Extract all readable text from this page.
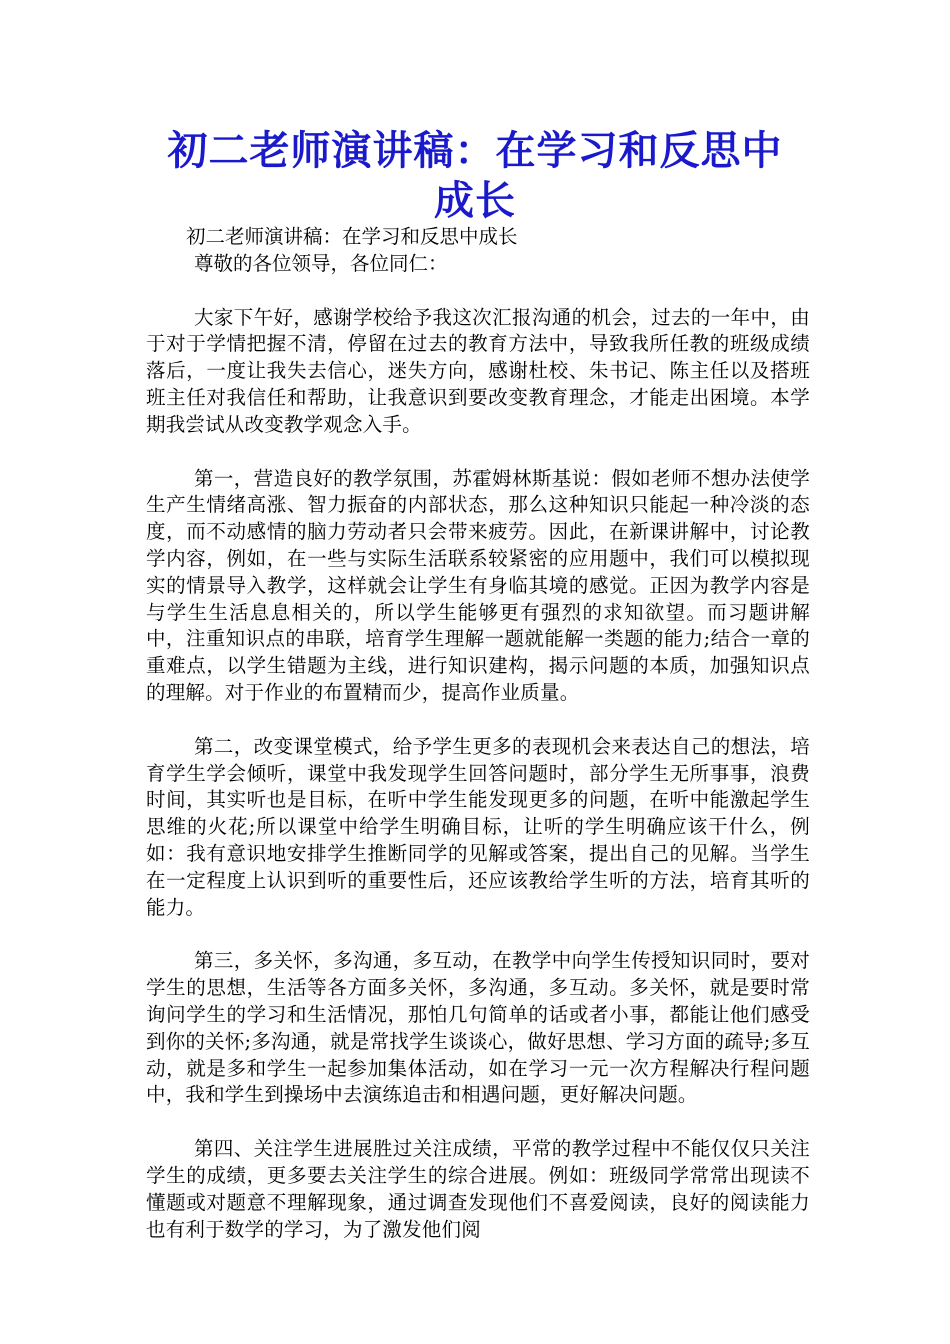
初二老师演讲稿：在学习和反思中
成长
初二老师演讲稿：在学习和反思中成长
尊敬的各位领导，各位同仁：

大家下午好，感谢学校给予我这次汇报沟通的机会，过去的一年中，由于对于学情把握不清，停留在过去的教育方法中，导致我所任教的班级成绩落后，一度让我失去信心，迷失方向，感谢杜校、朱书记、陈主任以及搭班班主任对我信任和帮助，让我意识到要改变教育理念，才能走出困境。本学期我尝试从改变教学观念入手。

第一，营造良好的教学氛围，苏霍姆林斯基说：假如老师不想办法使学生产生情绪高涨、智力振奋的内部状态，那么这种知识只能起一种冷淡的态度，而不动感情的脑力劳动者只会带来疲劳。因此，在新课讲解中，讨论教学内容，例如，在一些与实际生活联系较紧密的应用题中，我们可以模拟现实的情景导入教学，这样就会让学生有身临其境的感觉。正因为教学内容是与学生生活息息相关的，所以学生能够更有强烈的求知欲望。而习题讲解中，注重知识点的串联，培育学生理解一题就能解一类题的能力;结合一章的重难点，以学生错题为主线，进行知识建构，揭示问题的本质，加强知识点的理解。对于作业的布置精而少，提高作业质量。

第二，改变课堂模式，给予学生更多的表现机会来表达自己的想法，培育学生学会倾听，课堂中我发现学生回答问题时，部分学生无所事事，浪费时间，其实听也是目标，在听中学生能发现更多的问题，在听中能激起学生思维的火花;所以课堂中给学生明确目标，让听的学生明确应该干什么，例如：我有意识地安排学生推断同学的见解或答案，提出自己的见解。当学生在一定程度上认识到听的重要性后，还应该教给学生听的方法，培育其听的能力。

第三，多关怀，多沟通，多互动，在教学中向学生传授知识同时，要对学生的思想，生活等各方面多关怀，多沟通，多互动。多关怀，就是要时常询问学生的学习和生活情况，那怕几句简单的话或者小事，都能让他们感受到你的关怀;多沟通，就是常找学生谈谈心，做好思想、学习方面的疏导;多互动，就是多和学生一起参加集体活动，如在学习一元一次方程解决行程问题中，我和学生到操场中去演练追击和相遇问题，更好解决问题。

第四、关注学生进展胜过关注成绩，平常的教学过程中不能仅仅只关注学生的成绩，更多要去关注学生的综合进展。例如：班级同学常常出现读不懂题或对题意不理解现象，通过调查发现他们不喜爱阅读，良好的阅读能力也有利于数学的学习，为了激发他们阅
